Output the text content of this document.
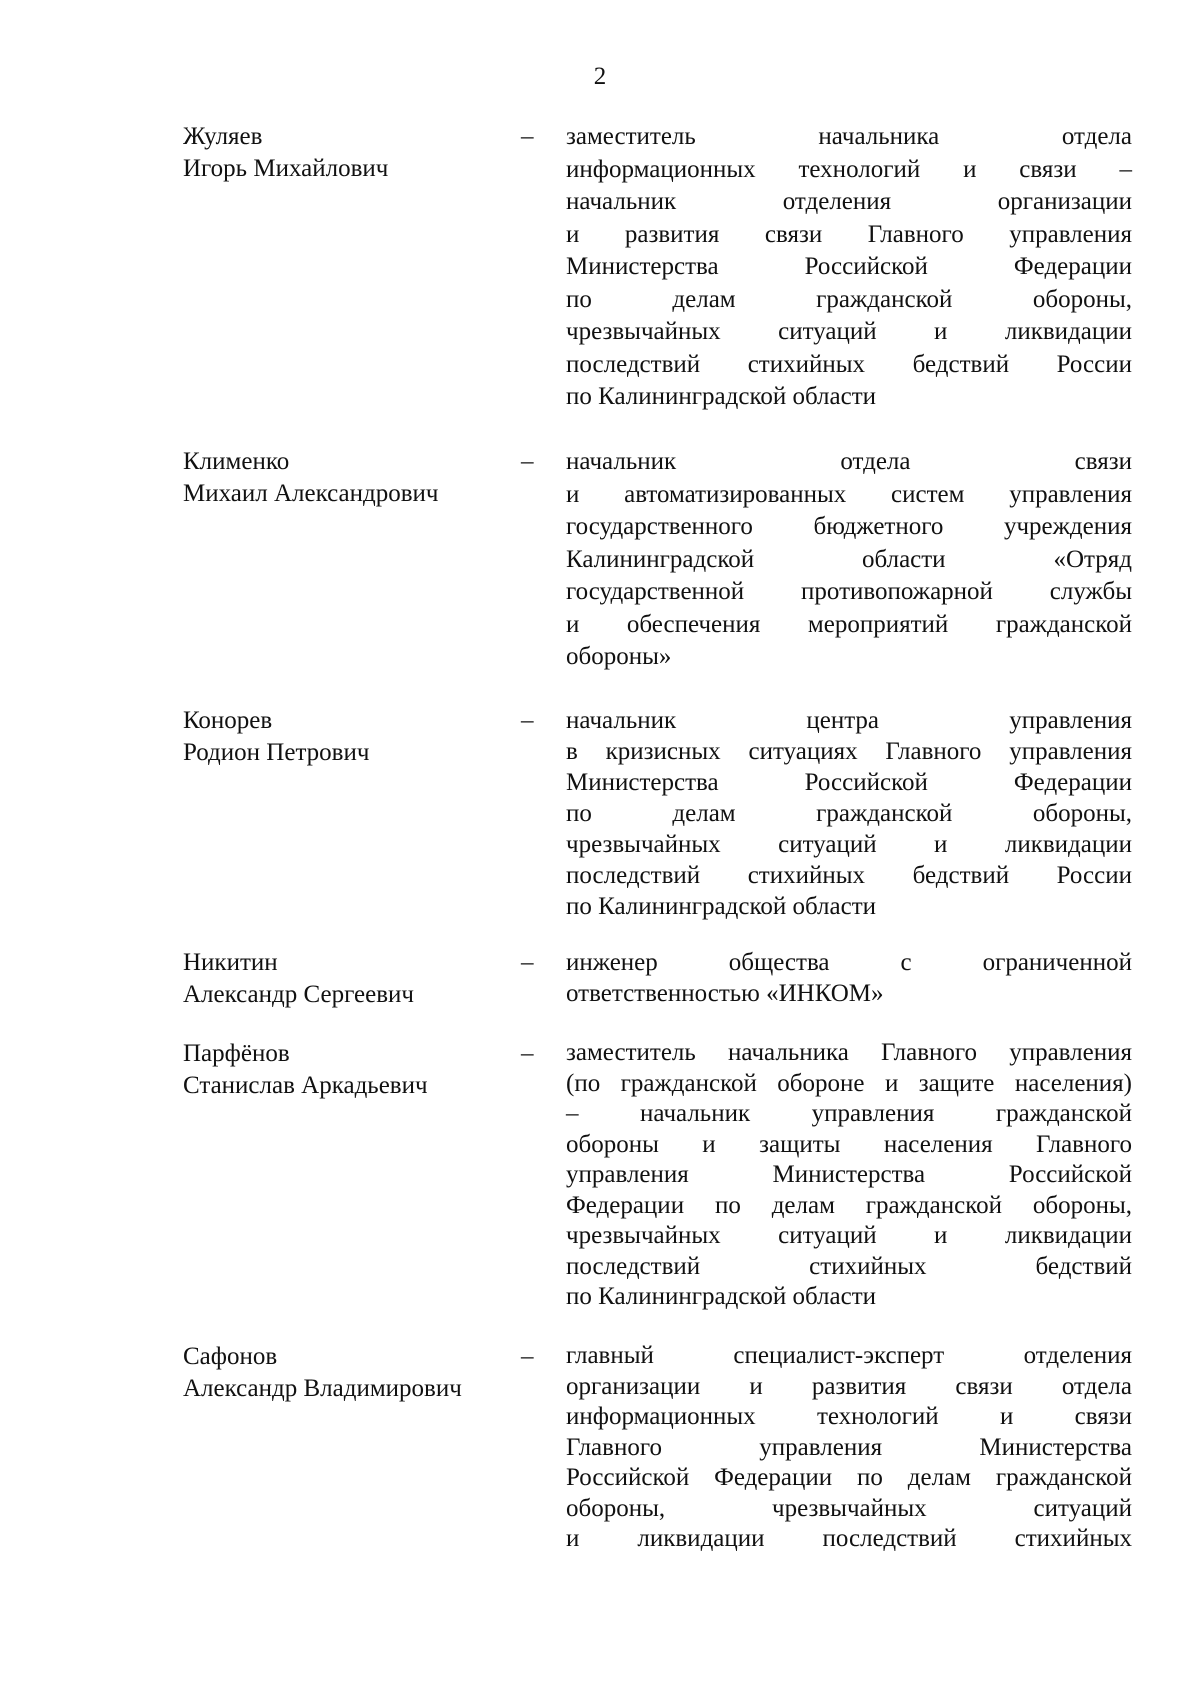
2
Жуляев
Игорь Михайлович
– заместитель начальника отдела
информационных технологий и связи –
начальник отделения организации
и развития связи Главного управления
Министерства Российской Федерации
по делам гражданской обороны,
чрезвычайных ситуаций и ликвидации
последствий стихийных бедствий России
по Калининградской области
Клименко
Михаил Александрович
– начальник отдела связи
и автоматизированных систем управления
государственного бюджетного учреждения
Калининградской области «Отряд
государственной противопожарной службы
и обеспечения мероприятий гражданской
обороны»
Конорев
Родион Петрович
– начальник центра управления
в кризисных ситуациях Главного управления
Министерства Российской Федерации
по делам гражданской обороны,
чрезвычайных ситуаций и ликвидации
последствий стихийных бедствий России
по Калининградской области
Никитин
Александр Сергеевич
– инженер общества с ограниченной
ответственностью «ИНКОМ»
Парфёнов
Станислав Аркадьевич
– заместитель начальника Главного управления
(по гражданской обороне и защите населения)
– начальник управления гражданской
обороны и защиты населения Главного
управления Министерства Российской
Федерации по делам гражданской обороны,
чрезвычайных ситуаций и ликвидации
последствий стихийных бедствий
по Калининградской области
Сафонов
Александр Владимирович
– главный специалист-эксперт отделения
организации и развития связи отдела
информационных технологий и связи
Главного управления Министерства
Российской Федерации по делам гражданской
обороны, чрезвычайных ситуаций
и ликвидации последствий стихийных
